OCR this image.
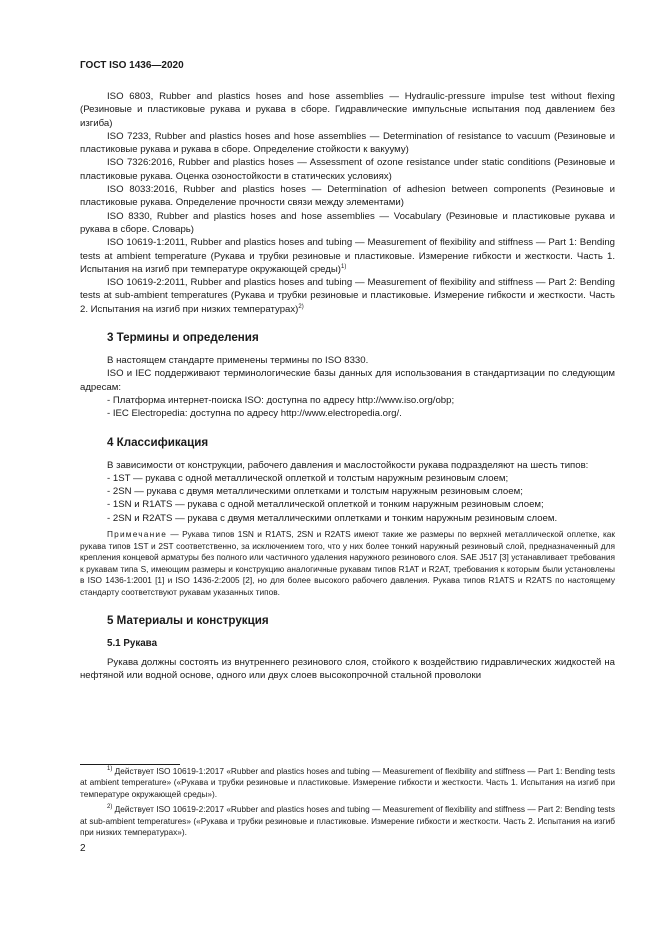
ГОСТ ISO 1436—2020

ISO 6803, Rubber and plastics hoses and hose assemblies — Hydraulic-pressure impulse test without flexing (Резиновые и пластиковые рукава и рукава в сборе. Гидравлические импульсные испытания под давлением без изгиба)

ISO 7233, Rubber and plastics hoses and hose assemblies — Determination of resistance to vacuum (Резиновые и пластиковые рукава и рукава в сборе. Определение стойкости к вакууму)

ISO 7326:2016, Rubber and plastics hoses — Assessment of ozone resistance under static conditions (Резиновые и пластиковые рукава. Оценка озоностойкости в статических условиях)

ISO 8033:2016, Rubber and plastics hoses — Determination of adhesion between components (Резиновые и пластиковые рукава. Определение прочности связи между элементами)

ISO 8330, Rubber and plastics hoses and hose assemblies — Vocabulary (Резиновые и пластиковые рукава и рукава в сборе. Словарь)

ISO 10619-1:2011, Rubber and plastics hoses and tubing — Measurement of flexibility and stiffness — Part 1: Bending tests at ambient temperature (Рукава и трубки резиновые и пластиковые. Измерение гибкости и жесткости. Часть 1. Испытания на изгиб при температуре окружающей среды)$^{1)}$

ISO 10619-2:2011, Rubber and plastics hoses and tubing — Measurement of flexibility and stiffness — Part 2: Bending tests at sub-ambient temperatures (Рукава и трубки резиновые и пластиковые. Измерение гибкости и жесткости. Часть 2. Испытания на изгиб при низких температурах)$^{2)}$

3 Термины и определения

В настоящем стандарте применены термины по ISO 8330.

ISO и IEC поддерживают терминологические базы данных для использования в стандартизации по следующим адресам:

- Платформа интернет-поиска ISO: доступна по адресу http://www.iso.org/obp;

- IEC Electropedia: доступна по адресу http://www.electropedia.org/.

4 Классификация

В зависимости от конструкции, рабочего давления и маслостойкости рукава подразделяют на шесть типов:

- 1ST — рукава с одной металлической оплеткой и толстым наружным резиновым слоем;

- 2SN — рукава с двумя металлическими оплетками и толстым наружным резиновым слоем;

- 1SN и R1ATS — рукава с одной металлической оплеткой и тонким наружным резиновым слоем;

- 2SN и R2ATS — рукава с двумя металлическими оплетками и тонким наружным резиновым слоем.

Примечание — Рукава типов 1SN и R1ATS, 2SN и R2ATS имеют такие же размеры по верхней металлической оплетке, как рукава типов 1ST и 2ST соответственно, за исключением того, что у них более тонкий наружный резиновый слой, предназначенный для крепления концевой арматуры без полного или частичного удаления наружного резинового слоя. SAE J517 [3] устанавливает требования к рукавам типа S, имеющим размеры и конструкцию аналогичные рукавам типов R1AT и R2AT, требования к которым были установлены в ISO 1436-1:2001 [1] и ISO 1436-2:2005 [2], но для более высокого рабочего давления. Рукава типов R1ATS и R2ATS по настоящему стандарту соответствуют рукавам указанных типов.

5 Материалы и конструкция
5.1 Рукава

Рукава должны состоять из внутреннего резинового слоя, стойкого к воздействию гидравлических жидкостей на нефтяной или водной основе, одного или двух слоев высокопрочной стальной проволоки

$^{1)}$ Действует ISO 10619-1:2017 «Rubber and plastics hoses and tubing — Measurement of flexibility and stiffness — Part 1: Bending tests at ambient temperature» («Рукава и трубки резиновые и пластиковые. Измерение гибкости и жесткости. Часть 1. Испытания на изгиб при температуре окружающей среды»).

$^{2)}$ Действует ISO 10619-2:2017 «Rubber and plastics hoses and tubing — Measurement of flexibility and stiffness — Part 2: Bending tests at sub-ambient temperatures» («Рукава и трубки резиновые и пластиковые. Измерение гибкости и жесткости. Часть 2. Испытания на изгиб при низких температурах»).

2
